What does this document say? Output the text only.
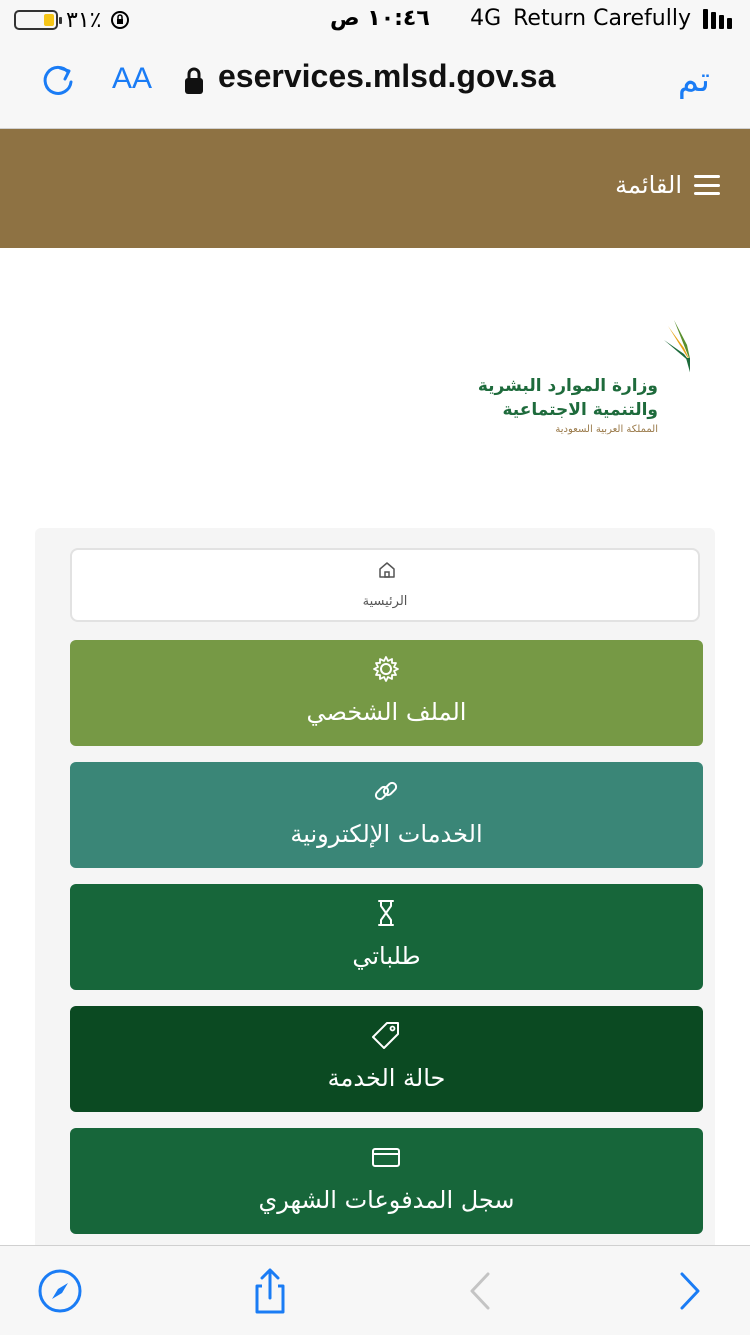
٣١٪	١٠:٤٦ ص 4G Return Carefully
AA eservices.mlsd.gov.sa	تم
القائمة
وزارة الموارد البشرية
والتنمية الاجتماعية
المملكة العربية السعودية
الرئيسية
الملف الشخصي
الخدمات الإلكترونية
طلباتي
حالة الخدمة
سجل المدفوعات الشهري
